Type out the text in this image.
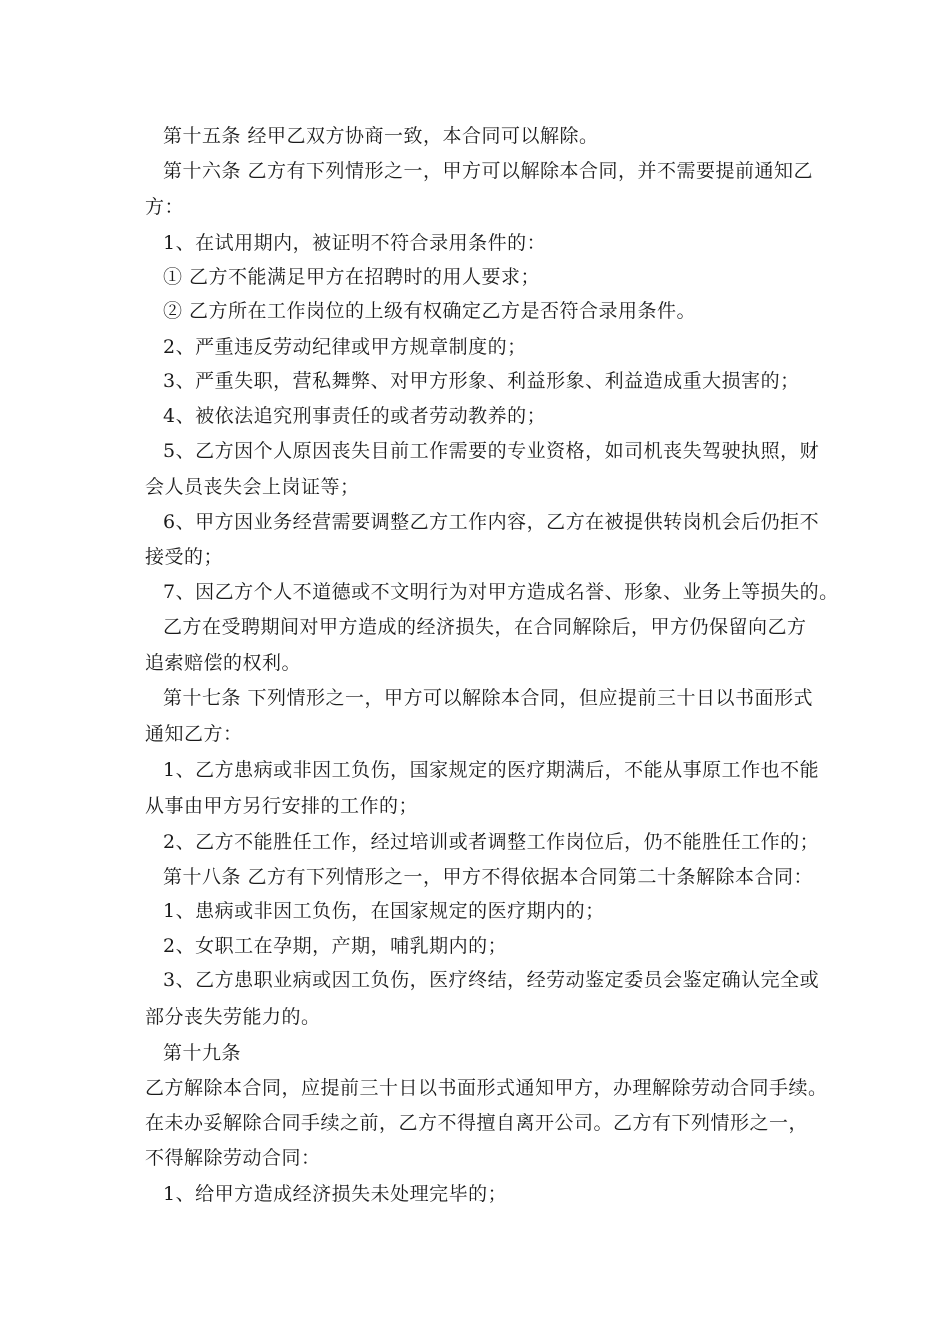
第十五条 经甲乙双方协商一致，本合同可以解除。
第十六条 乙方有下列情形之一，甲方可以解除本合同，并不需要提前通知乙
方：
1、在试用期内，被证明不符合录用条件的：
① 乙方不能满足甲方在招聘时的用人要求；
② 乙方所在工作岗位的上级有权确定乙方是否符合录用条件。
2、严重违反劳动纪律或甲方规章制度的；
3、严重失职，营私舞弊、对甲方形象、利益形象、利益造成重大损害的；
4、被依法追究刑事责任的或者劳动教养的；
5、乙方因个人原因丧失目前工作需要的专业资格，如司机丧失驾驶执照，财
会人员丧失会上岗证等；
6、甲方因业务经营需要调整乙方工作内容，乙方在被提供转岗机会后仍拒不
接受的；
7、因乙方个人不道德或不文明行为对甲方造成名誉、形象、业务上等损失的。
乙方在受聘期间对甲方造成的经济损失，在合同解除后，甲方仍保留向乙方
追索赔偿的权利。
第十七条 下列情形之一，甲方可以解除本合同，但应提前三十日以书面形式
通知乙方：
1、乙方患病或非因工负伤，国家规定的医疗期满后，不能从事原工作也不能
从事由甲方另行安排的工作的；
2、乙方不能胜任工作，经过培训或者调整工作岗位后，仍不能胜任工作的；
第十八条 乙方有下列情形之一，甲方不得依据本合同第二十条解除本合同：
1、患病或非因工负伤，在国家规定的医疗期内的；
2、女职工在孕期，产期，哺乳期内的；
3、乙方患职业病或因工负伤，医疗终结，经劳动鉴定委员会鉴定确认完全或
部分丧失劳能力的。
第十九条
乙方解除本合同，应提前三十日以书面形式通知甲方，办理解除劳动合同手续。
在未办妥解除合同手续之前，乙方不得擅自离开公司。乙方有下列情形之一，
不得解除劳动合同：
1、给甲方造成经济损失未处理完毕的；
